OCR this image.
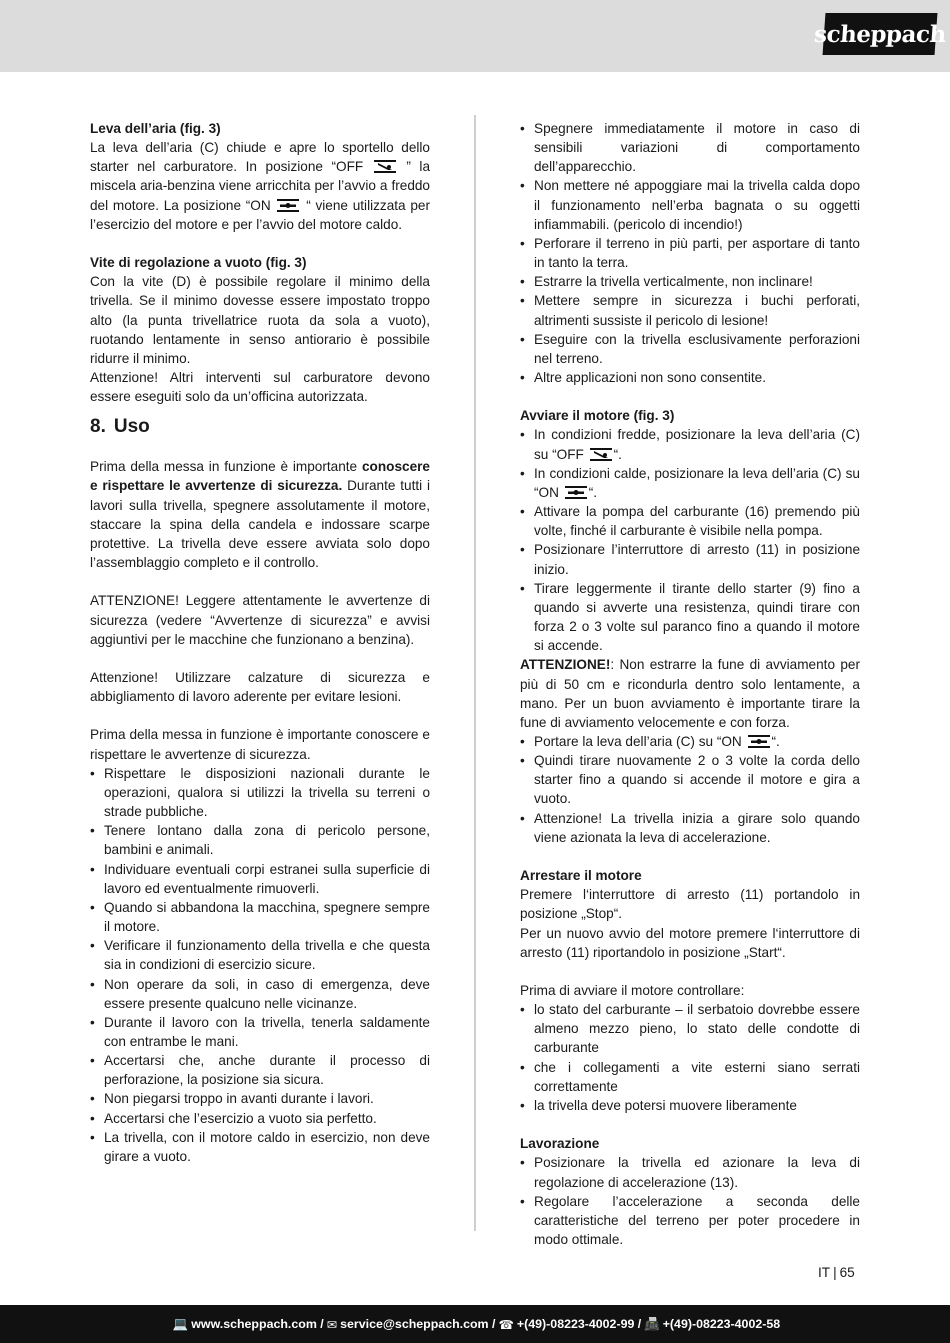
scheppach

Leva dell’aria (fig. 3)

La leva dell’aria (C) chiude e apre lo sportello dello starter nel carburatore. In posizione “OFF	” la miscela aria-benzina viene arricchita per l’avvio a freddo del motore. La posizione “ON	“ viene utilizzata per l’esercizio del motore e per l’avvio del motore caldo.

Vite di regolazione a vuoto (fig. 3)

Con la vite (D) è possibile regolare il minimo della trivella. Se il minimo dovesse essere impostato troppo alto (la punta trivellatrice ruota da sola a vuoto), ruotando lentamente in senso antiorario è possibile ridurre il minimo.

Attenzione! Altri interventi sul carburatore devono essere eseguiti solo da un’officina autorizzata.

8. Uso

Prima della messa in funzione è importante conoscere e rispettare le avvertenze di sicurezza. Durante tutti i lavori sulla trivella, spegnere assolutamente il motore, staccare la spina della candela e indossare scarpe protettive. La trivella deve essere avviata solo dopo l’assemblaggio completo e il controllo.

ATTENZIONE! Leggere attentamente le avvertenze di sicurezza (vedere “Avvertenze di sicurezza” e avvisi aggiuntivi per le macchine che funzionano a benzina).

Attenzione! Utilizzare calzature di sicurezza e abbigliamento di lavoro aderente per evitare lesioni.

Prima della messa in funzione è importante conoscere e rispettare le avvertenze di sicurezza.

• Rispettare le disposizioni nazionali durante le operazioni, qualora si utilizzi la trivella su terreni o strade pubbliche.
• Tenere lontano dalla zona di pericolo persone, bambini e animali.
• Individuare eventuali corpi estranei sulla superficie di lavoro ed eventualmente rimuoverli.
• Quando si abbandona la macchina, spegnere sempre il motore.
• Verificare il funzionamento della trivella e che questa sia in condizioni di esercizio sicure.
• Non operare da soli, in caso di emergenza, deve essere presente qualcuno nelle vicinanze.
• Durante il lavoro con la trivella, tenerla saldamente con entrambe le mani.
• Accertarsi che, anche durante il processo di perforazione, la posizione sia sicura.
• Non piegarsi troppo in avanti durante i lavori.
• Accertarsi che l’esercizio a vuoto sia perfetto.
• La trivella, con il motore caldo in esercizio, non deve girare a vuoto.
• Spegnere immediatamente il motore in caso di sensibili variazioni di comportamento dell’apparecchio.
• Non mettere né appoggiare mai la trivella calda dopo il funzionamento nell’erba bagnata o su oggetti infiammabili. (pericolo di incendio!)
• Perforare il terreno in più parti, per asportare di tanto in tanto la terra.
• Estrarre la trivella verticalmente, non inclinare!
• Mettere sempre in sicurezza i buchi perforati, altrimenti sussiste il pericolo di lesione!
• Eseguire con la trivella esclusivamente perforazioni nel terreno.
• Altre applicazioni non sono consentite.

Avviare il motore (fig. 3)

• In condizioni fredde, posizionare la leva dell’aria (C) su “OFF “.
• In condizioni calde, posizionare la leva dell’aria (C) su “ON “.
• Attivare la pompa del carburante (16) premendo più volte, finché il carburante è visibile nella pompa.
• Posizionare l’interruttore di arresto (11) in posizione inizio.
• Tirare leggermente il tirante dello starter (9) fino a quando si avverte una resistenza, quindi tirare con forza 2 o 3 volte sul paranco fino a quando il motore si accende.

ATTENZIONE!: Non estrarre la fune di avviamento per più di 50 cm e ricondurla dentro solo lentamente, a mano. Per un buon avviamento è importante tirare la fune di avviamento velocemente e con forza.

• Portare la leva dell’aria (C) su “ON “.
• Quindi tirare nuovamente 2 o 3 volte la corda dello starter fino a quando si accende il motore e gira a vuoto.
• Attenzione! La trivella inizia a girare solo quando viene azionata la leva di accelerazione.

Arrestare il motore

Premere l‘interruttore di arresto (11) portandolo in posizione „Stop“.

Per un nuovo avvio del motore premere l‘interruttore di arresto (11) riportandolo in posizione „Start“.

Prima di avviare il motore controllare:

• lo stato del carburante – il serbatoio dovrebbe essere almeno mezzo pieno, lo stato delle condotte di carburante
• che i collegamenti a vite esterni siano serrati correttamente
• la trivella deve potersi muovere liberamente

Lavorazione

• Posizionare la trivella ed azionare la leva di regolazione di accelerazione (13).
• Regolare l’accelerazione a seconda delle caratteristiche del terreno per poter procedere in modo ottimale.
IT | 65
💻 www.scheppach.com / ✉ service@scheppach.com / ☎ +(49)-08223-4002-99 / 📠 +(49)-08223-4002-58
